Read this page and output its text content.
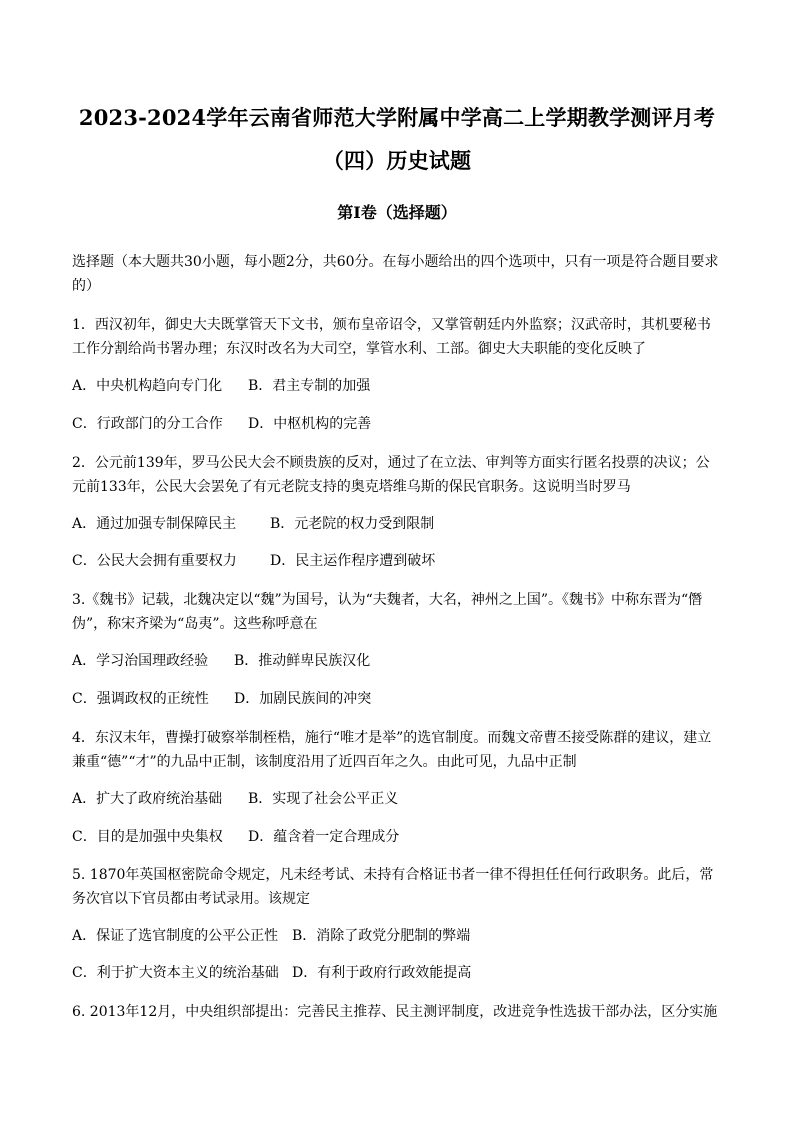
2023-2024学年云南省师范大学附属中学高二上学期教学测评月考
（四）历史试题
第Ⅰ卷（选择题）

选择题（本大题共30小题，每小题2分，共60分。在每小题给出的四个选项中，只有一项是符合题目要求的）

1．西汉初年，御史大夫既掌管天下文书，颁布皇帝诏令，又掌管朝廷内外监察；汉武帝时，其机要秘书工作分割给尚书署办理；东汉时改名为大司空，掌管水利、工部。御史大夫职能的变化反映了

A．中央机构趋向专门化 B．君主专制的加强
C．行政部门的分工合作 D．中枢机构的完善

2．公元前139年，罗马公民大会不顾贵族的反对，通过了在立法、审判等方面实行匿名投票的决议；公元前133年，公民大会罢免了有元老院支持的奥克塔维乌斯的保民官职务。这说明当时罗马

A．通过加强专制保障民主 B．元老院的权力受到限制
C．公民大会拥有重要权力 D．民主运作程序遭到破坏

3.《魏书》记载，北魏决定以“魏”为国号，认为“夫魏者，大名，神州之上国”。《魏书》中称东晋为“僭伪”，称宋齐梁为“岛夷”。这些称呼意在

A．学习治国理政经验 B．推动鲜卑民族汉化
C．强调政权的正统性 D．加剧民族间的冲突

4．东汉末年，曹操打破察举制桎梏，施行“唯才是举”的选官制度。而魏文帝曹丕接受陈群的建议，建立兼重“德”“才”的九品中正制，该制度沿用了近四百年之久。由此可见，九品中正制

A．扩大了政府统治基础 B．实现了社会公平正义
C．目的是加强中央集权 D．蕴含着一定合理成分

5. 1870年英国枢密院命令规定，凡未经考试、未持有合格证书者一律不得担任任何行政职务。此后，常务次官以下官员都由考试录用。该规定

A．保证了选官制度的公平公正性 B．消除了政党分肥制的弊端
C．利于扩大资本主义的统治基础 D．有利于政府行政效能提高

6. 2013年12月，中央组织部提出：完善民主推荐、民主测评制度，改进竞争性选拔干部办法，区分实施
